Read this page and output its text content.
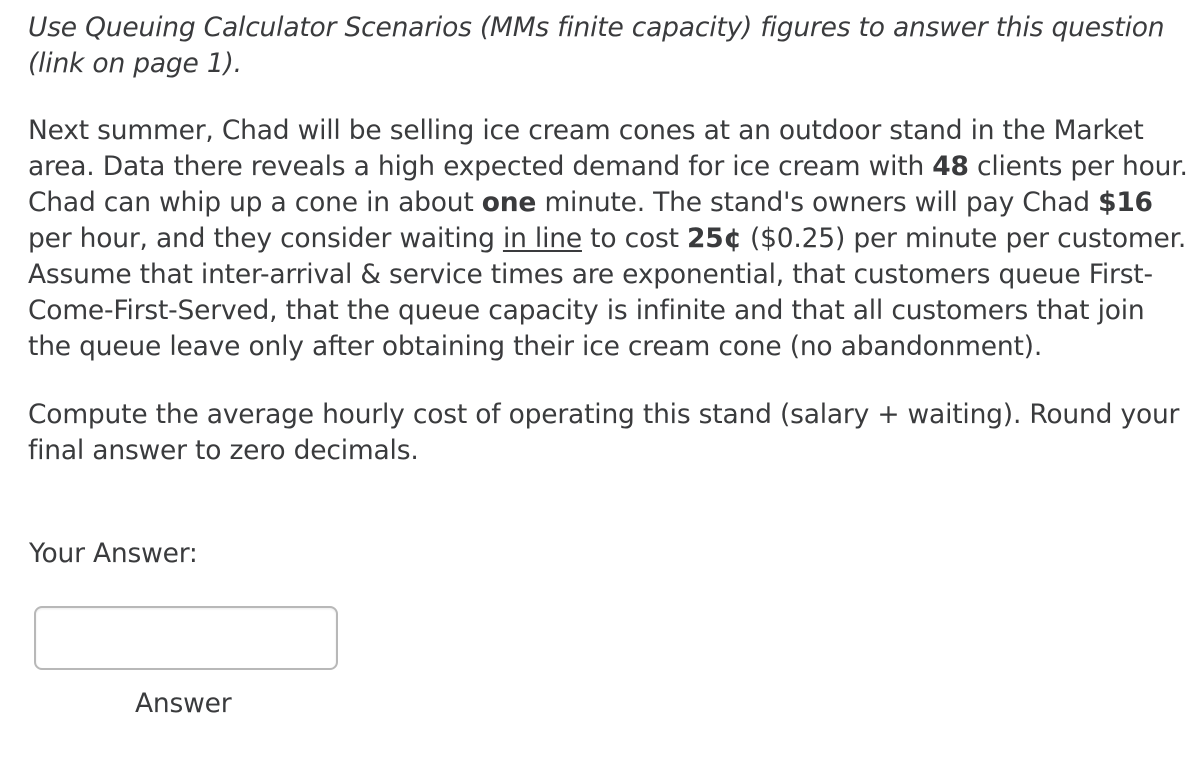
Use Queuing Calculator Scenarios (MMs finite capacity) figures to answer this question (link on page 1).

Next summer, Chad will be selling ice cream cones at an outdoor stand in the Market area. Data there reveals a high expected demand for ice cream with 48 clients per hour. Chad can whip up a cone in about one minute. The stand's owners will pay Chad $16 per hour, and they consider waiting in line to cost 25¢ ($0.25) per minute per customer. Assume that inter-arrival & service times are exponential, that customers queue First-Come-First-Served, that the queue capacity is infinite and that all customers that join the queue leave only after obtaining their ice cream cone (no abandonment).

Compute the average hourly cost of operating this stand (salary + waiting). Round your final answer to zero decimals.

Your Answer:
Answer
